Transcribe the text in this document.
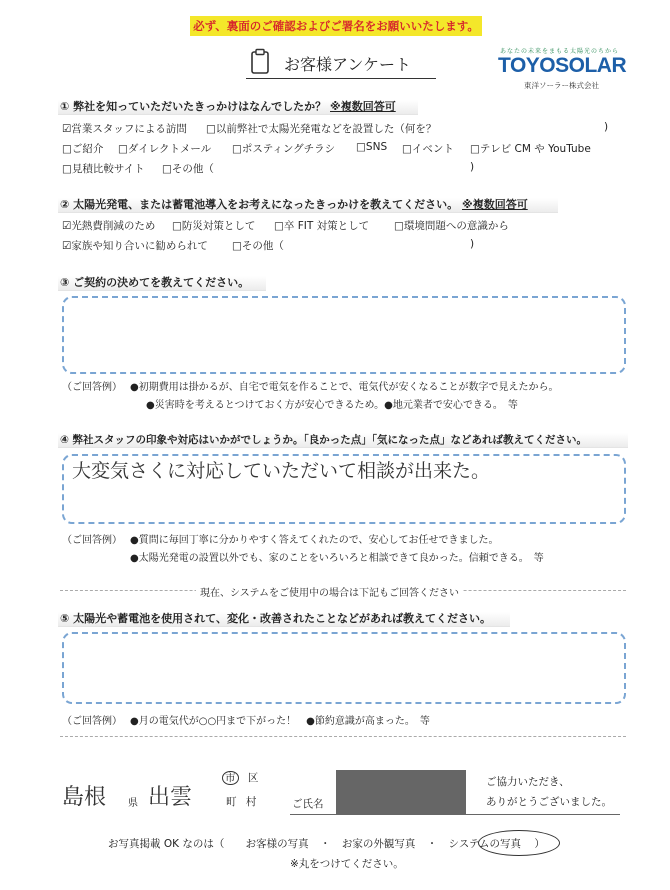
必ず、裏面のご確認およびご署名をお願いいたします。
お客様アンケート
あなたの未来をまもる太陽光のちから
TOYOSOLAR
東洋ソーラー株式会社
① 弊社を知っていただいたきっかけはなんでしたか？ ※複数回答可
☑営業スタッフによる訪問 □以前弊社で太陽光発電などを設置した（何を？	)
□ご紹介 □ダイレクトメール □ポスティングチラシ □SNS □イベント □テレビ CM や YouTube
□見積比較サイト □その他（	)
② 太陽光発電、または蓄電池導入をお考えになったきっかけを教えてください。 ※複数回答可
☑光熱費削減のため □防災対策として □卒 FIT 対策として □環境問題への意識から
☑家族や知り合いに勧められて □その他（	)
③ ご契約の決めてを教えてください。
（ご回答例） ●初期費用は掛かるが、自宅で電気を作ることで、電気代が安くなることが数字で見えたから。
●災害時を考えるとつけておく方が安心できるため。●地元業者で安心できる。　等
④ 弊社スタッフの印象や対応はいかがでしょうか。「良かった点」「気になった点」などあれば教えてください。
大変気さくに対応していただいて相談が出来た。
（ご回答例） ●質問に毎回丁寧に分かりやすく答えてくれたので、安心してお任せできました。
●太陽光発電の設置以外でも、家のことをいろいろと相談できて良かった。信頼できる。　等
現在、システムをご使用中の場合は下記もご回答ください
⑤ 太陽光や蓄電池を使用されて、変化・改善されたことなどがあれば教えてください。
（ご回答例） ●月の電気代が○○円まで下がった！　●節約意識が高まった。　等
島根 県 出雲
市 区
町 村	ご氏名
ご協力いただき、
ありがとうございました。
お写真掲載 OK なのは（ お客様の写真 ・ お家の外観写真 ・ システムの写真 ）
※丸をつけてください。
